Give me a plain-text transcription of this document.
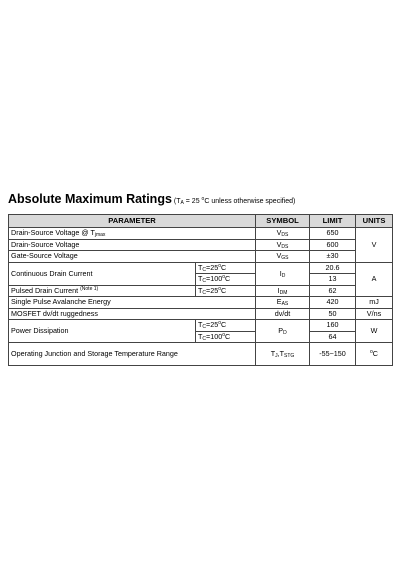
Absolute Maximum Ratings ($T_A = 25$ $^o$C unless otherwise specified)
PARAMETER		SYMBOL	LIMIT	UNITS
Drain-Source Voltage @ $T_{jmax}$		$V_{DS}$	650	V
Drain-Source Voltage		$V_{DS}$	600	
Gate-Source Voltage		$V_{GS}$	±30	
Continuous Drain Current	$T_C=25^oC$	$I_D$	20.6	A
	$T_C=100^oC$		13	
Pulsed Drain Current $^{(Note 1)}$	$T_C=25^oC$	$I_{DM}$	62	
Single Pulse Avalanche Energy		$E_{AS}$	420	mJ
MOSFET dv/dt ruggedness		dv/dt	50	V/ns
Power Dissipation	$T_C=25^oC$	$P_D$	160	W
	$T_C=100^oC$		64	
Operating Junction and Storage Temperature Range		$T_J,T_{STG}$	-55~150	$^o$C
